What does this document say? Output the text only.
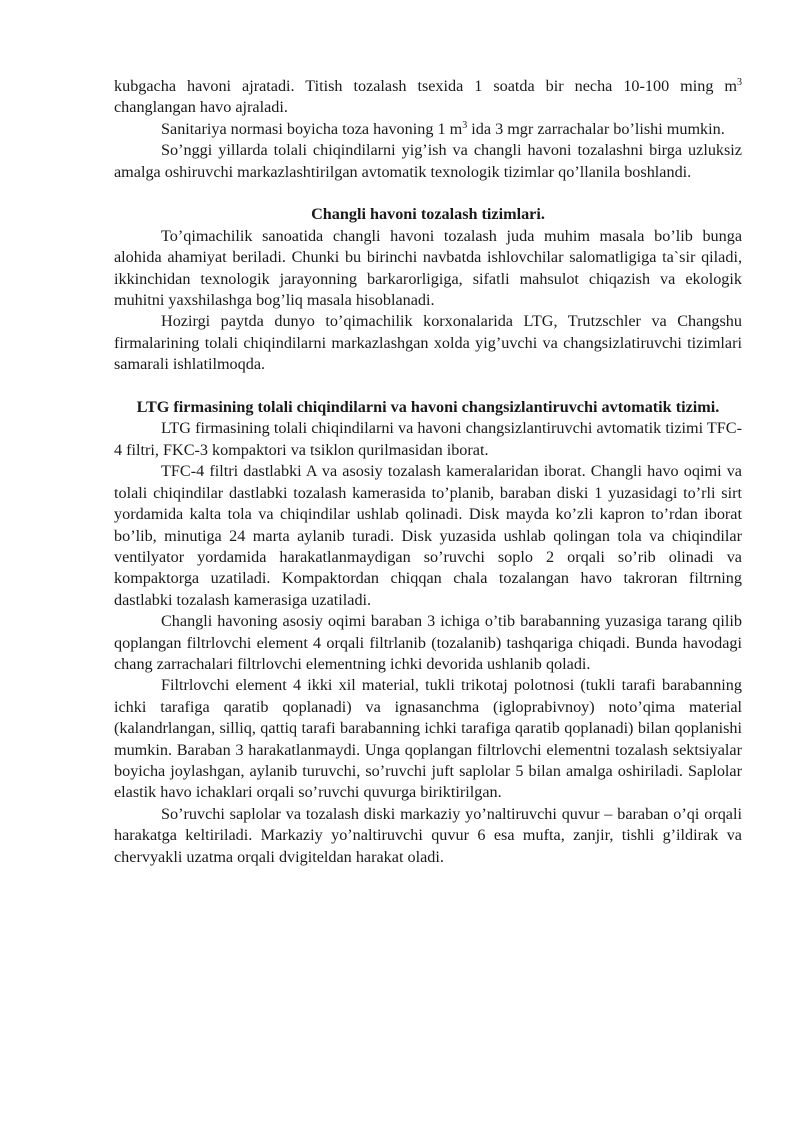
kubgacha havoni ajratadi. Titish tozalash tsexida 1 soatda bir necha 10-100 ming $m^3$ changlangan havo ajraladi.

Sanitariya normasi boyicha toza havoning 1 $m^3$ ida 3 mgr zarrachalar bo’lishi mumkin.

So’nggi yillarda tolali chiqindilarni yig’ish va changli havoni tozalashni birga uzluksiz amalga oshiruvchi markazlashtirilgan avtomatik texnologik tizimlar qo’llanila boshlandi.

Changli havoni tozalash tizimlari.

To’qimachilik sanoatida changli havoni tozalash juda muhim masala bo’lib bunga alohida ahamiyat beriladi. Chunki bu birinchi navbatda ishlovchilar salomatligiga ta`sir qiladi, ikkinchidan texnologik jarayonning barkarorligiga, sifatli mahsulot chiqazish va ekologik muhitni yaxshilashga bog’liq masala hisoblanadi.

Hozirgi paytda dunyo to’qimachilik korxonalarida LTG, Trutzschler va Changshu firmalarining tolali chiqindilarni markazlashgan xolda yig’uvchi va changsizlatiruvchi tizimlari samarali ishlatilmoqda.

LTG firmasining tolali chiqindilarni va havoni changsizlantiruvchi avtomatik tizimi.

LTG firmasining tolali chiqindilarni va havoni changsizlantiruvchi avtomatik tizimi TFC-4 filtri, FKC-3 kompaktori va tsiklon qurilmasidan iborat.

TFC-4 filtri dastlabki A va asosiy tozalash kameralaridan iborat. Changli havo oqimi va tolali chiqindilar dastlabki tozalash kamerasida to’planib, baraban diski 1 yuzasidagi to’rli sirt yordamida kalta tola va chiqindilar ushlab qolinadi. Disk mayda ko’zli kapron to’rdan iborat bo’lib, minutiga 24 marta aylanib turadi. Disk yuzasida ushlab qolingan tola va chiqindilar ventilyator yordamida harakatlanmaydigan so’ruvchi soplo 2 orqali so’rib olinadi va kompaktorga uzatiladi. Kompaktordan chiqqan chala tozalangan havo takroran filtrning dastlabki tozalash kamerasiga uzatiladi.

Changli havoning asosiy oqimi baraban 3 ichiga o’tib barabanning yuzasiga tarang qilib qoplangan filtrlovchi element 4 orqali filtrlanib (tozalanib) tashqariga chiqadi. Bunda havodagi chang zarrachalari filtrlovchi elementning ichki devorida ushlanib qoladi.

Filtrlovchi element 4 ikki xil material, tukli trikotaj polotnosi (tukli tarafi barabanning ichki tarafiga qaratib qoplanadi) va ignasanchma (igloprabivnoy) noto’qima material (kalandrlangan, silliq, qattiq tarafi barabanning ichki tarafiga qaratib qoplanadi) bilan qoplanishi mumkin. Baraban 3 harakatlanmaydi. Unga qoplangan filtrlovchi elementni tozalash sektsiyalar boyicha joylashgan, aylanib turuvchi, so’ruvchi juft saplolar 5 bilan amalga oshiriladi. Saplolar elastik havo ichaklari orqali so’ruvchi quvurga biriktirilgan.

So’ruvchi saplolar va tozalash diski markaziy yo’naltiruvchi quvur – baraban o’qi orqali harakatga keltiriladi. Markaziy yo’naltiruvchi quvur 6 esa mufta, zanjir, tishli g’ildirak va chervyakli uzatma orqali dvigiteldan harakat oladi.
